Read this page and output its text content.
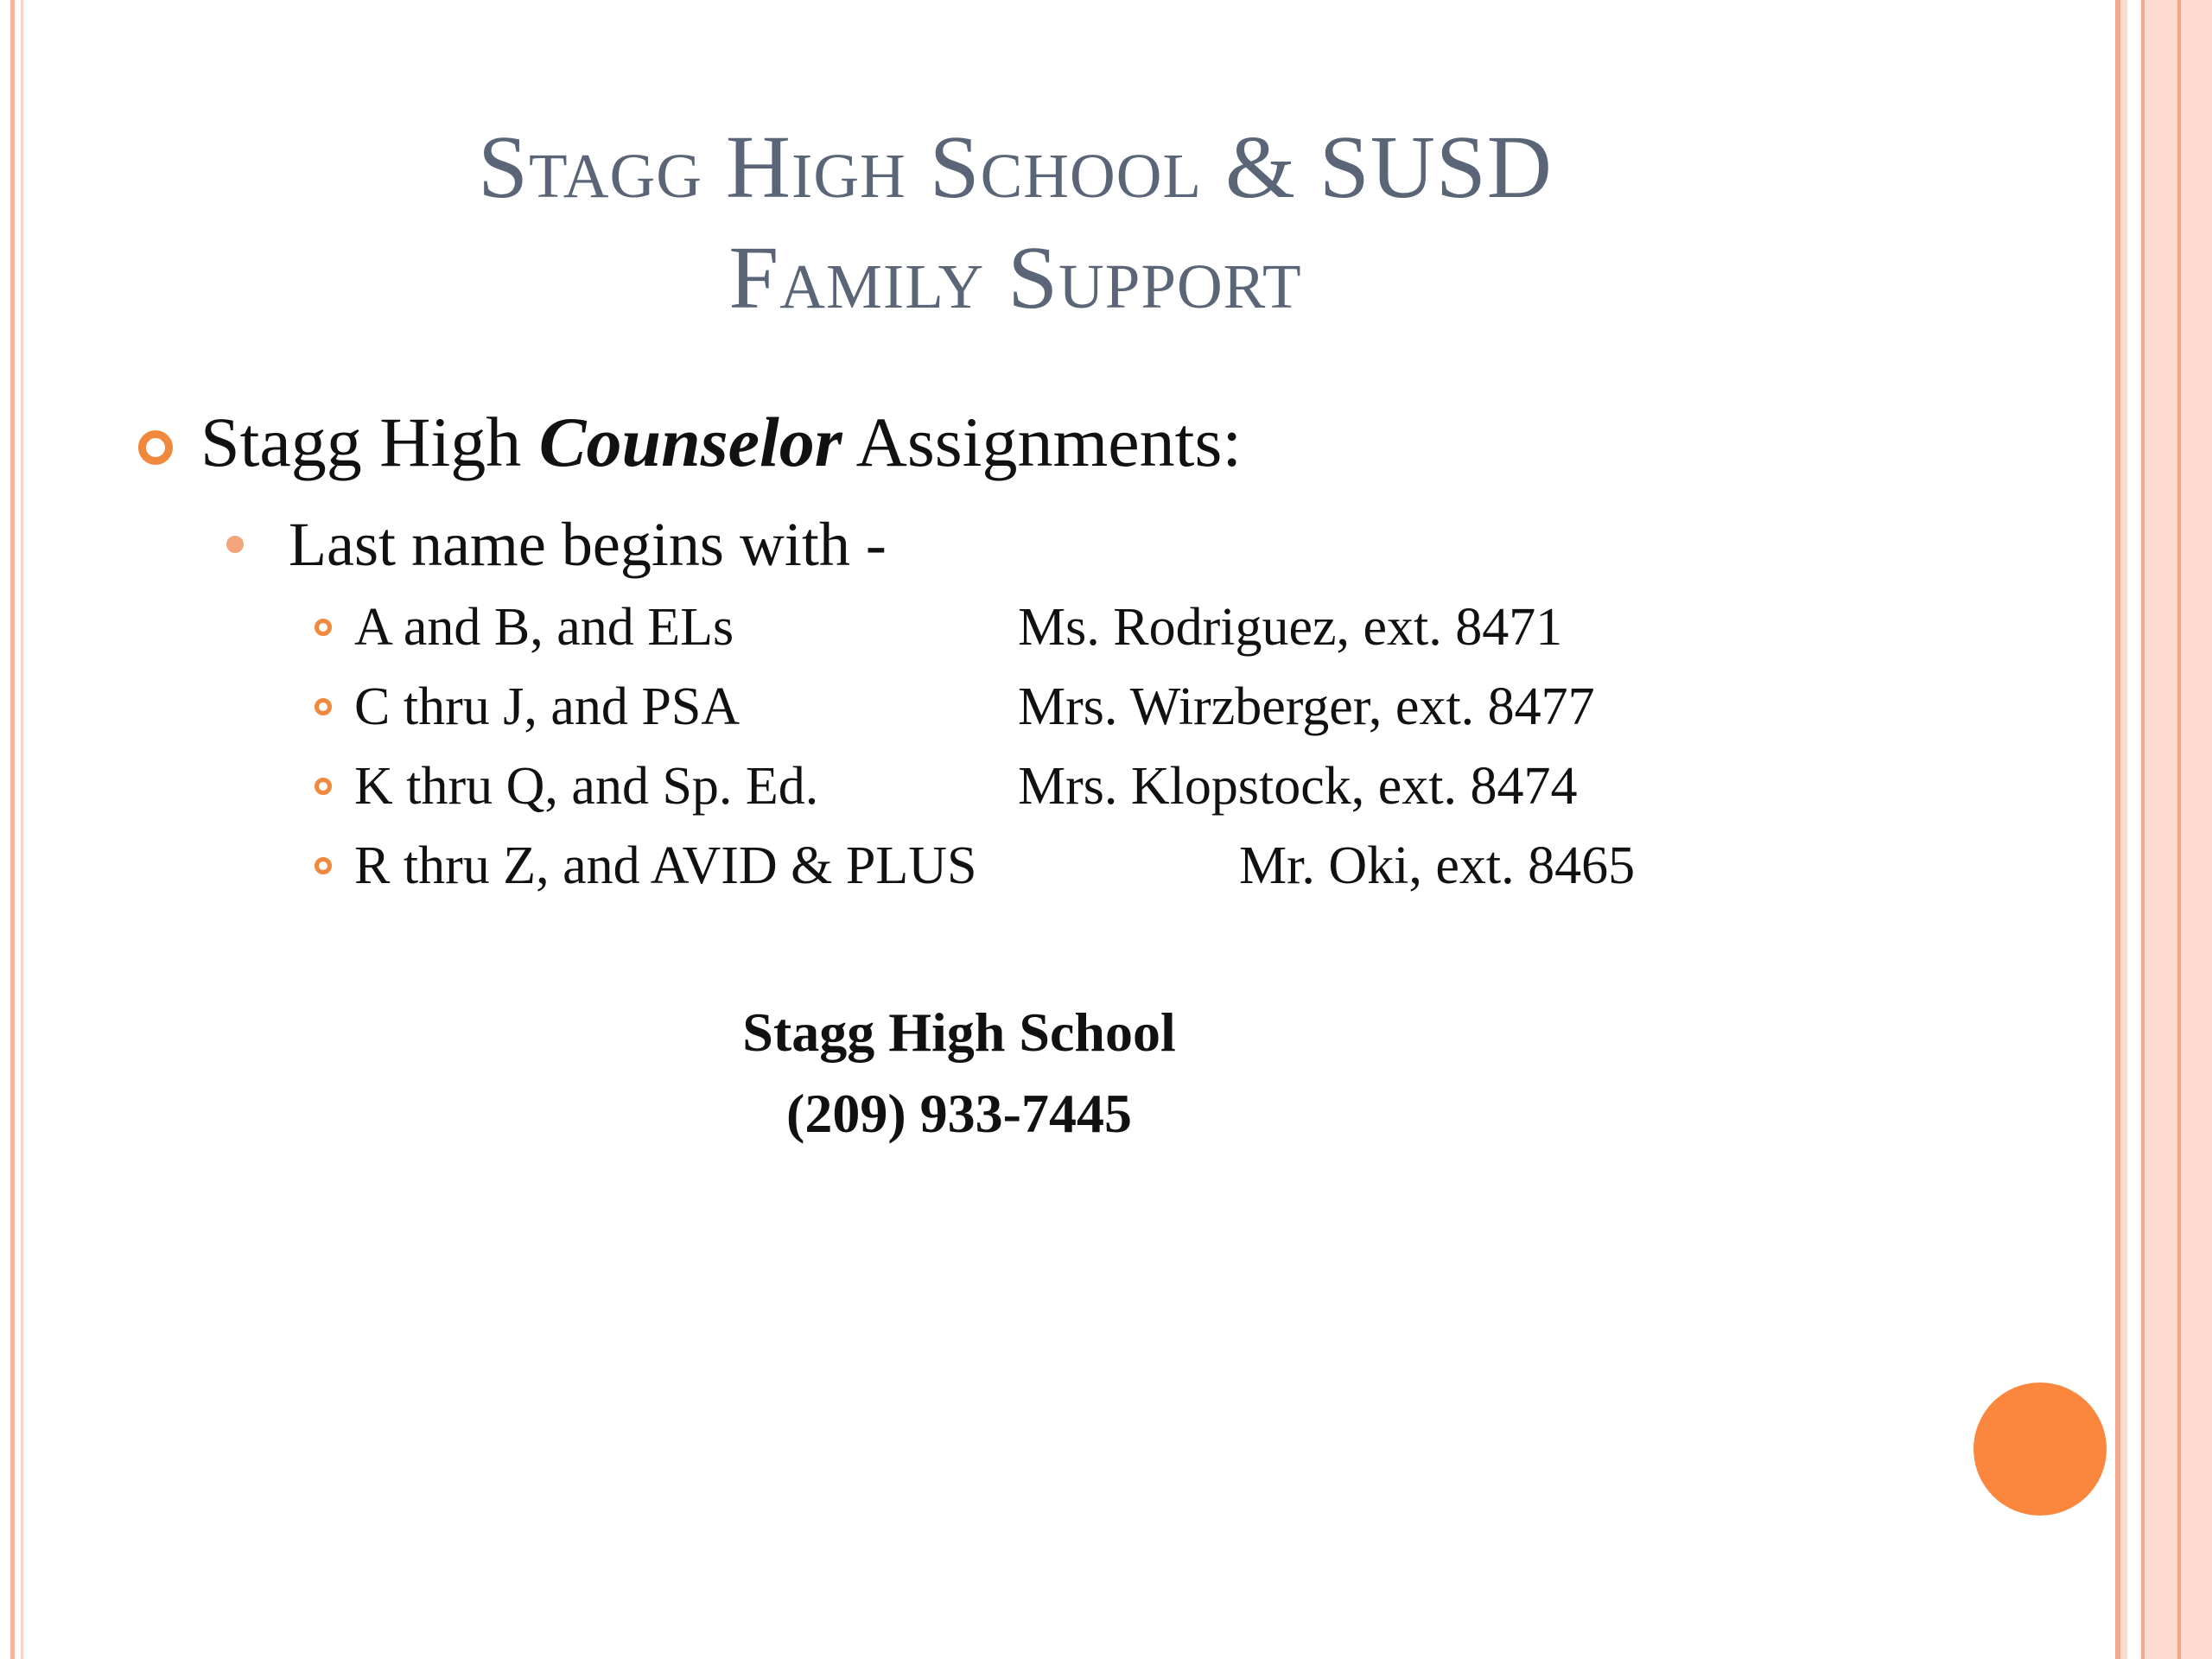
Stagg High School & SUSD
Family Support
Stagg High Counselor Assignments:
Last name begins with -
A and B, and ELs	Ms. Rodriguez, ext. 8471
C thru J, and PSA	Mrs. Wirzberger, ext. 8477
K thru Q, and Sp. Ed.	Mrs. Klopstock, ext. 8474
R thru Z, and AVID & PLUS	Mr. Oki, ext. 8465
Stagg High School
(209) 933-7445
